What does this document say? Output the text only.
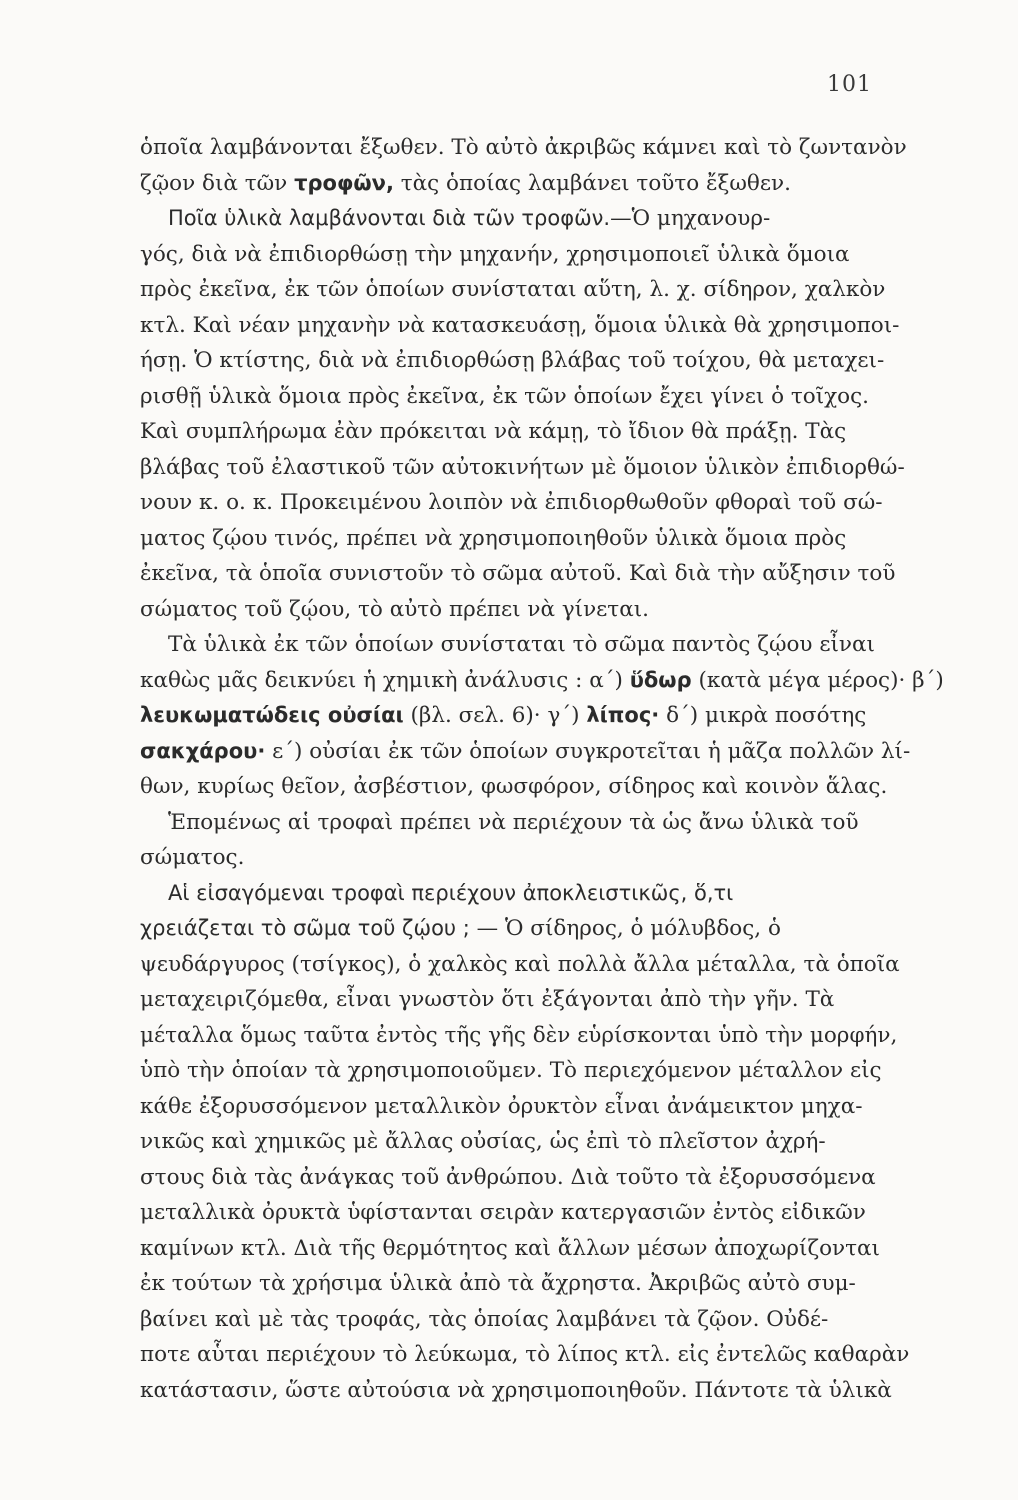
101
ὁποῖα λαμβάνονται ἔξωθεν. Τὸ αὐτὸ ἀκριβῶς κάμνει καὶ τὸ ζωντανὸν
ζῷον διὰ τῶν τροφῶν, τὰς ὁποίας λαμβάνει τοῦτο ἔξωθεν.
Ποῖα ὑλικὰ λαμβάνονται διὰ τῶν τροφῶν.—Ὁ μηχανουρ-
γός, διὰ νὰ ἐπιδιορθώσῃ τὴν μηχανήν, χρησιμοποιεῖ ὑλικὰ ὅμοια
πρὸς ἐκεῖνα, ἐκ τῶν ὁποίων συνίσταται αὕτη, λ. χ. σίδηρον, χαλκὸν
κτλ. Καὶ νέαν μηχανὴν νὰ κατασκευάσῃ, ὅμοια ὑλικὰ θὰ χρησιμοποι-
ήσῃ. Ὁ κτίστης, διὰ νὰ ἐπιδιορθώσῃ βλάβας τοῦ τοίχου, θὰ μεταχει-
ρισθῇ ὑλικὰ ὅμοια πρὸς ἐκεῖνα, ἐκ τῶν ὁποίων ἔχει γίνει ὁ τοῖχος.
Καὶ συμπλήρωμα ἐὰν πρόκειται νὰ κάμῃ, τὸ ἴδιον θὰ πράξῃ. Τὰς
βλάβας τοῦ ἐλαστικοῦ τῶν αὐτοκινήτων μὲ ὅμοιον ὑλικὸν ἐπιδιορθώ-
νουν κ. ο. κ. Προκειμένου λοιπὸν νὰ ἐπιδιορθωθοῦν φθοραὶ τοῦ σώ-
ματος ζῴου τινός, πρέπει νὰ χρησιμοποιηθοῦν ὑλικὰ ὅμοια πρὸς
ἐκεῖνα, τὰ ὁποῖα συνιστοῦν τὸ σῶμα αὐτοῦ. Καὶ διὰ τὴν αὔξησιν τοῦ
σώματος τοῦ ζῴου, τὸ αὐτὸ πρέπει νὰ γίνεται.
Τὰ ὑλικὰ ἐκ τῶν ὁποίων συνίσταται τὸ σῶμα παντὸς ζῴου εἶναι
καθὼς μᾶς δεικνύει ἡ χημικὴ ἀνάλυσις : α΄) ὕδωρ (κατὰ μέγα μέρος)· β΄)
λευκωματώδεις οὐσίαι (βλ. σελ. 6)· γ΄) λίπος· δ΄) μικρὰ ποσότης
σακχάρου· ε΄) οὐσίαι ἐκ τῶν ὁποίων συγκροτεῖται ἡ μᾶζα πολλῶν λί-
θων, κυρίως θεῖον, ἀσβέστιον, φωσφόρον, σίδηρος καὶ κοινὸν ἅλας.
Ἑπομένως αἱ τροφαὶ πρέπει νὰ περιέχουν τὰ ὡς ἄνω ὑλικὰ τοῦ
σώματος.
Αἱ εἰσαγόμεναι τροφαὶ περιέχουν ἀποκλειστικῶς, ὅ,τι
χρειάζεται τὸ σῶμα τοῦ ζῴου ; — Ὁ σίδηρος, ὁ μόλυβδος, ὁ
ψευδάργυρος (τσίγκος), ὁ χαλκὸς καὶ πολλὰ ἄλλα μέταλλα, τὰ ὁποῖα
μεταχειριζόμεθα, εἶναι γνωστὸν ὅτι ἐξάγονται ἀπὸ τὴν γῆν. Τὰ
μέταλλα ὅμως ταῦτα ἐντὸς τῆς γῆς δὲν εὑρίσκονται ὑπὸ τὴν μορφήν,
ὑπὸ τὴν ὁποίαν τὰ χρησιμοποιοῦμεν. Τὸ περιεχόμενον μέταλλον εἰς
κάθε ἐξορυσσόμενον μεταλλικὸν ὀρυκτὸν εἶναι ἀνάμεικτον μηχα-
νικῶς καὶ χημικῶς μὲ ἄλλας οὐσίας, ὡς ἐπὶ τὸ πλεῖστον ἀχρή-
στους διὰ τὰς ἀνάγκας τοῦ ἀνθρώπου. Διὰ τοῦτο τὰ ἐξορυσσόμενα
μεταλλικὰ ὀρυκτὰ ὑφίστανται σειρὰν κατεργασιῶν ἐντὸς εἰδικῶν
καμίνων κτλ. Διὰ τῆς θερμότητος καὶ ἄλλων μέσων ἀποχωρίζονται
ἐκ τούτων τὰ χρήσιμα ὑλικὰ ἀπὸ τὰ ἄχρηστα. Ἀκριβῶς αὐτὸ συμ-
βαίνει καὶ μὲ τὰς τροφάς, τὰς ὁποίας λαμβάνει τὰ ζῷον. Οὐδέ-
ποτε αὗται περιέχουν τὸ λεύκωμα, τὸ λίπος κτλ. εἰς ἐντελῶς καθαρὰν
κατάστασιν, ὥστε αὐτούσια νὰ χρησιμοποιηθοῦν. Πάντοτε τὰ ὑλικὰ
